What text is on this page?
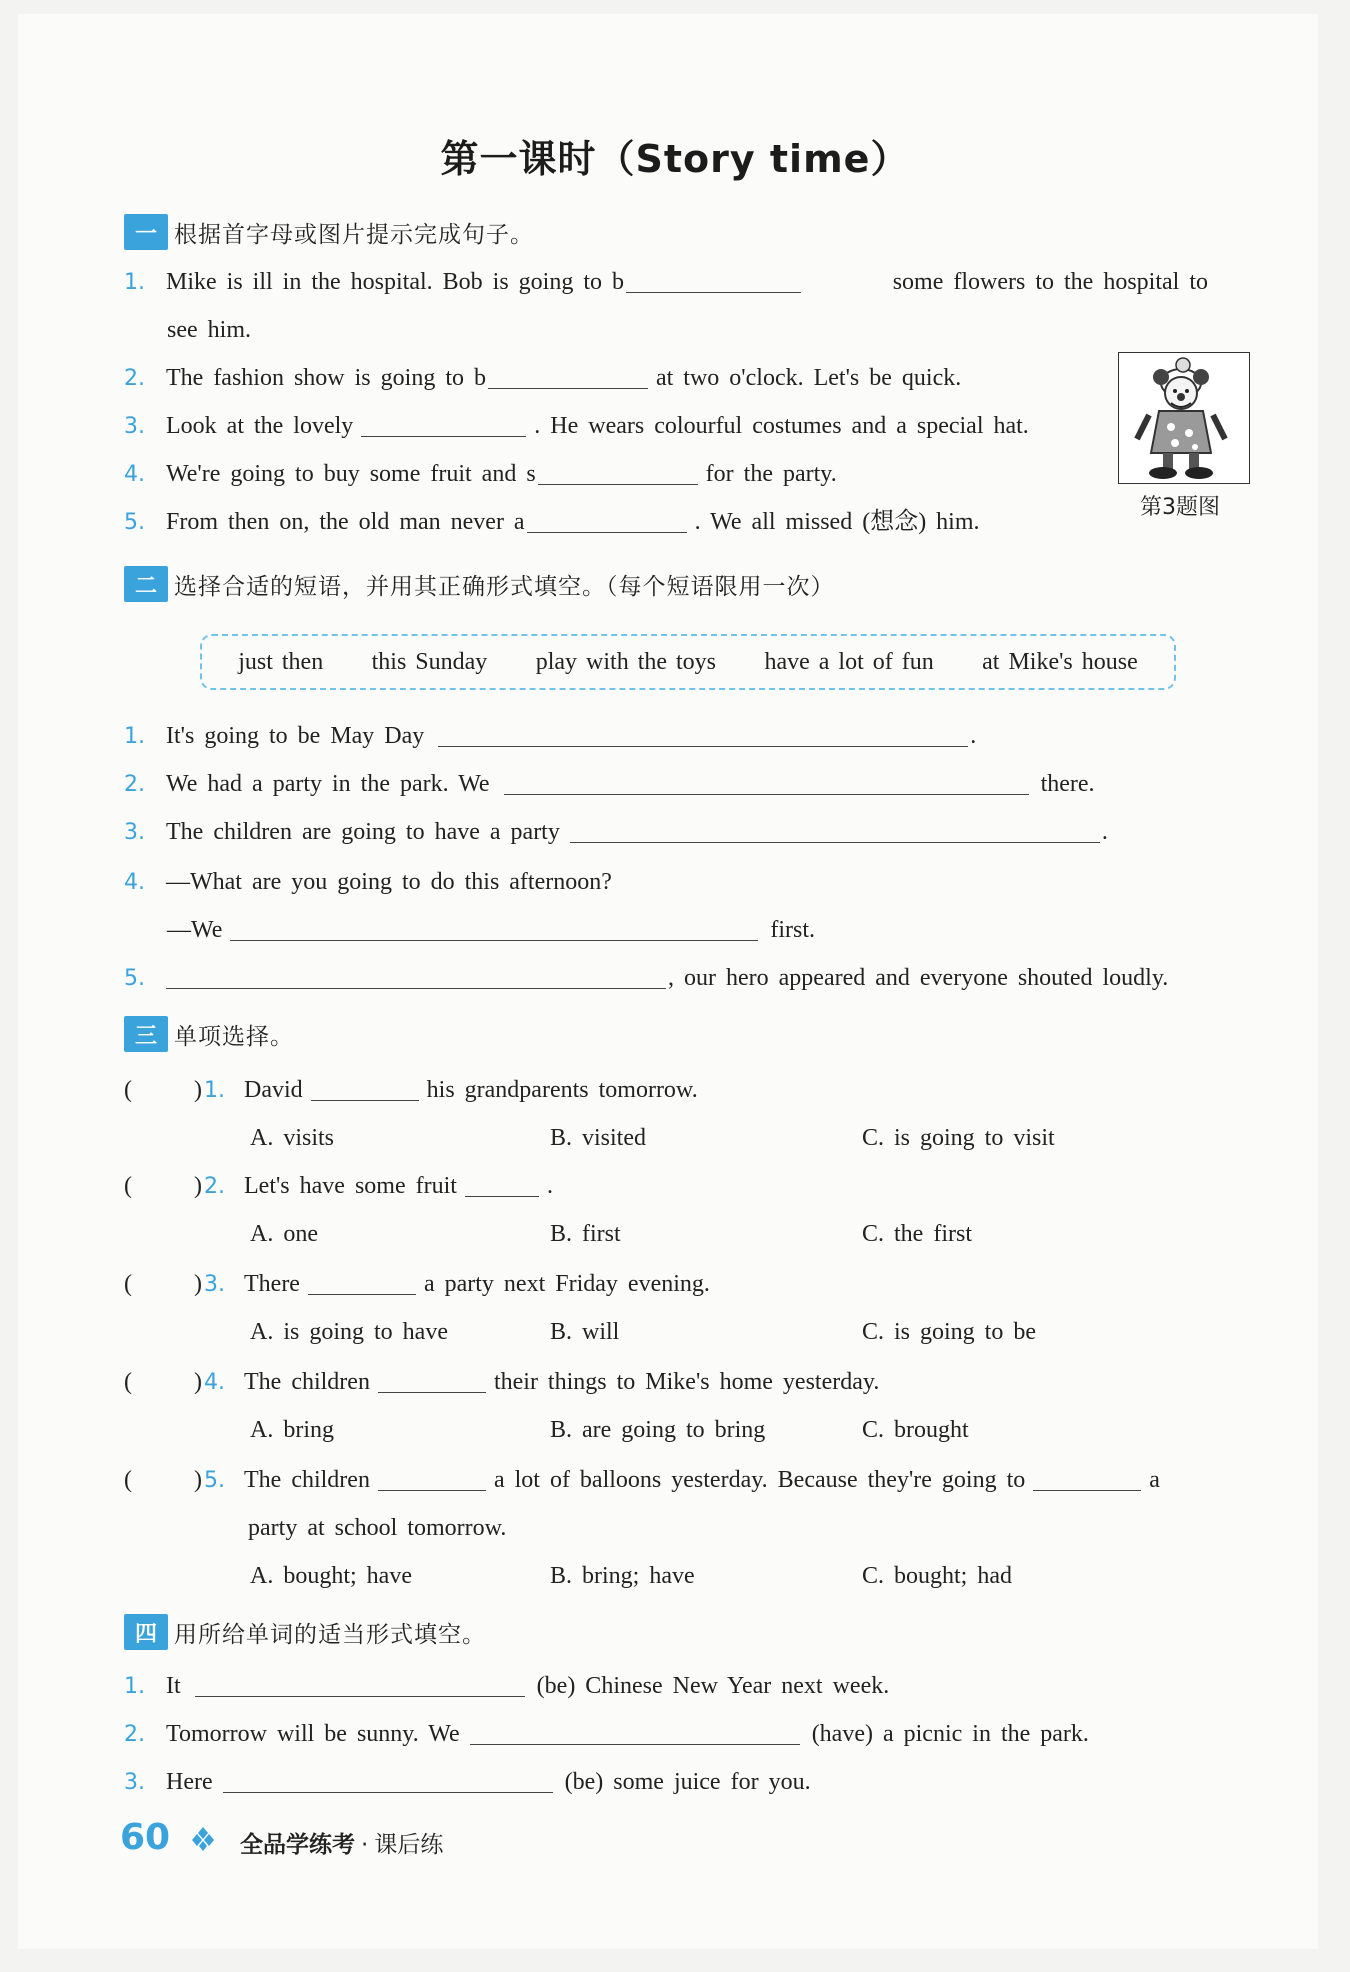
第一课时（Story time）
一 根据首字母或图片提示完成句子。
1. Mike is ill in the hospital. Bob is going to b	some flowers to the hospital to
see him.
2. The fashion show is going to b	at two o'clock. Let's be quick.
3. Look at the lovely	. He wears colourful costumes and a special hat.
4. We're going to buy some fruit and s	for the party.
5. From then on, the old man never a	. We all missed (想念) him.
第3题图
二 选择合适的短语，并用其正确形式填空。（每个短语限用一次）
just then this Sunday play with the toys have a lot of fun at Mike's house
1. It's going to be May Day	.
2. We had a party in the park. We	there.
3. The children are going to have a party	.
4. —What are you going to do this afternoon?
—We	first.
5.	, our hero appeared and everyone shouted loudly.
三 单项选择。
(	)1. David	his grandparents tomorrow.
A. visits	B. visited	C. is going to visit
(	)2. Let's have some fruit	.
A. one	B. first	C. the first
(	)3. There	a party next Friday evening.
A. is going to have	B. will	C. is going to be
(	)4. The children	their things to Mike's home yesterday.
A. bring	B. are going to bring	C. brought
(	)5. The children	a lot of balloons yesterday. Because they're going to	a
party at school tomorrow.
A. bought; have	B. bring; have	C. bought; had
四 用所给单词的适当形式填空。
1. It	(be) Chinese New Year next week.
2. Tomorrow will be sunny. We	(have) a picnic in the park.
3. Here	(be) some juice for you.
60	全品学练考 · 课后练
